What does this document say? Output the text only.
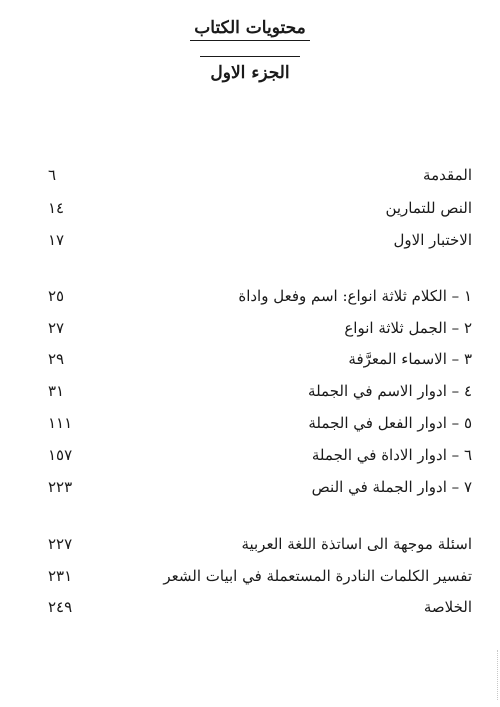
محتويات الكتاب
الجزء الاول
المقدمة
٦
النص للتمارين
١٤
الاختبار الاول
١٧
١ – الكلام ثلاثة انواع: اسم وفعل واداة
٢٥
٢ – الجمل ثلاثة انواع
٢٧
٣ – الاسماء المعرَّفة
٢٩
٤ – ادوار الاسم في الجملة
٣١
٥ – ادوار الفعل في الجملة
١١١
٦ – ادوار الاداة في الجملة
١٥٧
٧ – ادوار الجملة في النص
٢٢٣
اسئلة موجهة الى اساتذة اللغة العربية
٢٢٧
تفسير الكلمات النادرة المستعملة في ابيات الشعر
٢٣١
الخلاصة
٢٤٩
